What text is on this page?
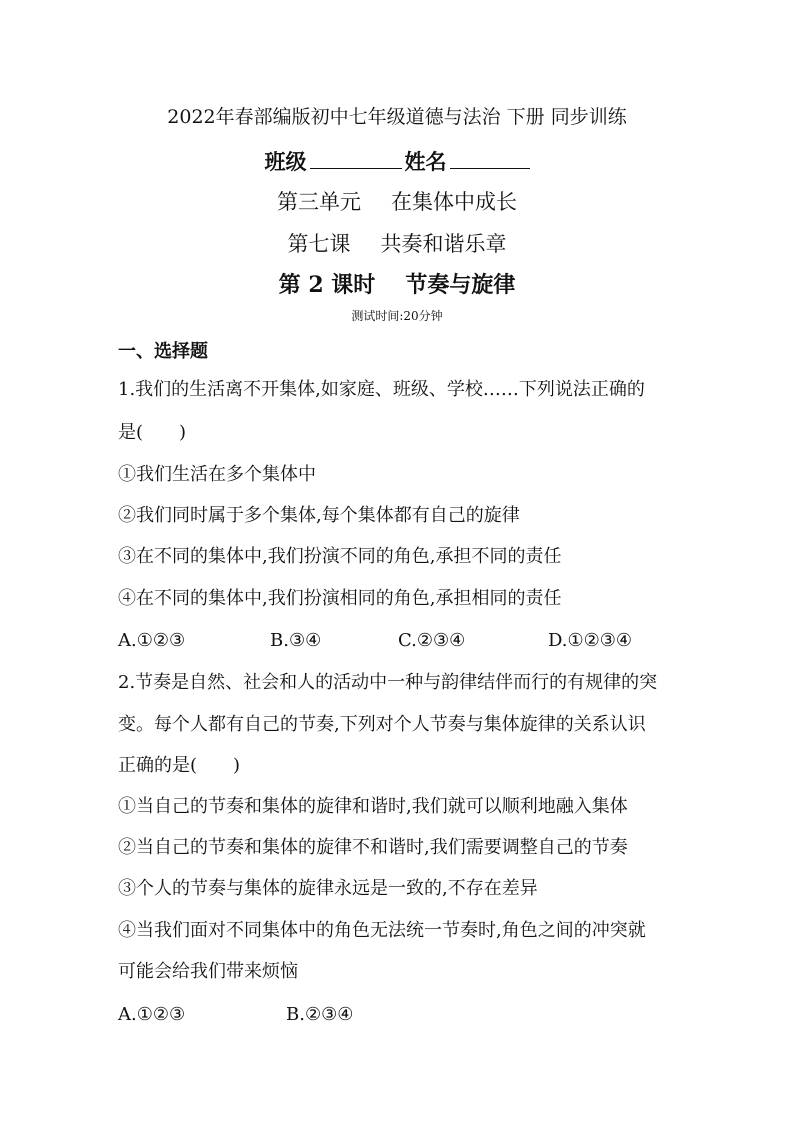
2022年春部编版初中七年级道德与法治 下册 同步训练
班级	姓名
第三单元 在集体中成长
第七课 共奏和谐乐章
第 2 课时 节奏与旋律
测试时间:20分钟
一、选择题
1.我们的生活离不开集体,如家庭、班级、学校……下列说法正确的
是(　　)
①我们生活在多个集体中
②我们同时属于多个集体,每个集体都有自己的旋律
③在不同的集体中,我们扮演不同的角色,承担不同的责任
④在不同的集体中,我们扮演相同的角色,承担相同的责任
A.①②③	B.③④	C.②③④	D.①②③④
2.节奏是自然、社会和人的活动中一种与韵律结伴而行的有规律的突
变。每个人都有自己的节奏,下列对个人节奏与集体旋律的关系认识
正确的是(　　)
①当自己的节奏和集体的旋律和谐时,我们就可以顺利地融入集体
②当自己的节奏和集体的旋律不和谐时,我们需要调整自己的节奏
③个人的节奏与集体的旋律永远是一致的,不存在差异
④当我们面对不同集体中的角色无法统一节奏时,角色之间的冲突就
可能会给我们带来烦恼
A.①②③	B.②③④
